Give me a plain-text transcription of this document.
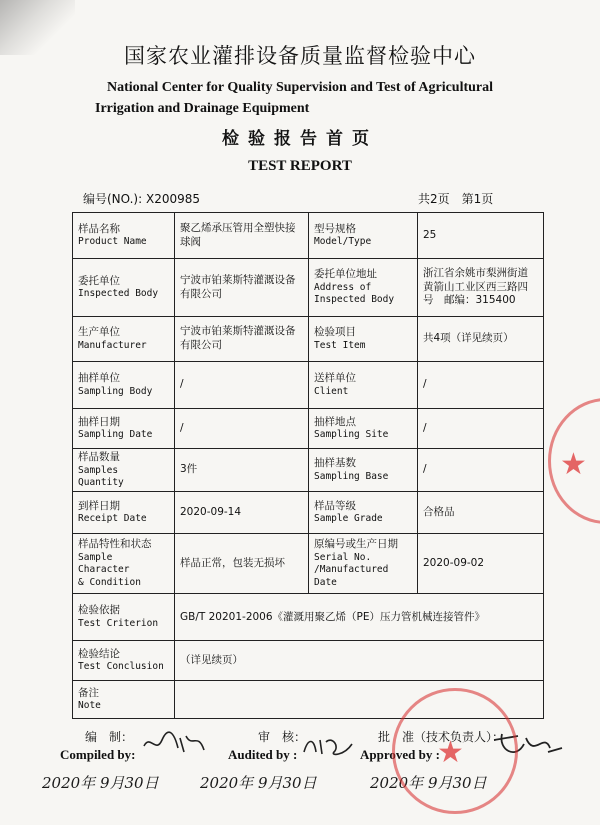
国家农业灌排设备质量监督检验中心
National Center for Quality Supervision and Test of Agricultural
Irrigation and Drainage Equipment
检验报告首页
TEST REPORT
编号(NO.): X200985	共2页　第1页
样品名称
Product Name	聚乙烯承压管用全塑快接球阀	型号规格
Model/Type	25

委托单位
Inspected Body	宁波市铂莱斯特灌溉设备有限公司	委托单位地址
Address of Inspected Body	浙江省余姚市梨洲街道黄箭山工业区西三路四号　邮编：315400

生产单位
Manufacturer	宁波市铂莱斯特灌溉设备有限公司	检验项目
Test Item	共4项（详见续页）

抽样单位
Sampling Body	/	送样单位
Client	/

抽样日期
Sampling Date	/	抽样地点
Sampling Site	/

样品数量
Samples Quantity	3件	抽样基数
Sampling Base	/

到样日期
Receipt Date	2020-09-14	样品等级
Sample Grade	合格品

样品特性和状态
Sample Character
& Condition	样品正常，包装无损坏	原编号或生产日期
Serial No.
/Manufactured Date	2020-09-02

检验依据
Test Criterion	GB/T 20201-2006《灌溉用聚乙烯（PE）压力管机械连接管件》		

检验结论
Test Conclusion	（详见续页）		

备注
Note			

编　制：
Compiled by:
审　核：
Audited by :
批　准（技术负责人）：
Approved by :
2020年 9月30日	2020年 9月30日	2020年 9月30日
★
★
